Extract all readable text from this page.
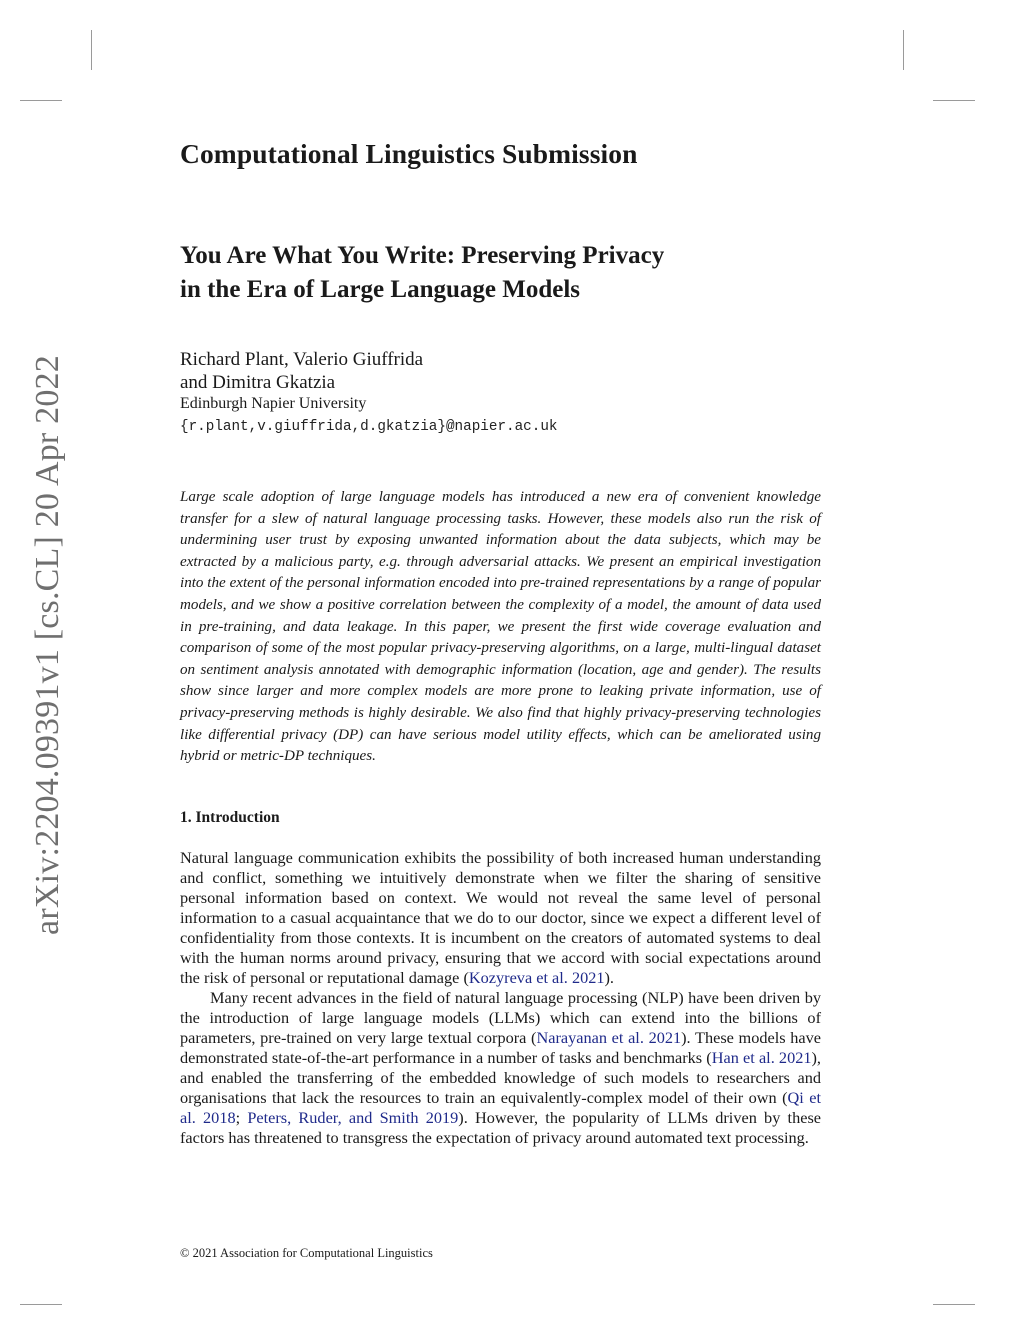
arXiv:2204.09391v1 [cs.CL] 20 Apr 2022
Computational Linguistics Submission
You Are What You Write: Preserving Privacy
in the Era of Large Language Models
Richard Plant, Valerio Giuffrida
and Dimitra Gkatzia
Edinburgh Napier University
{r.plant,v.giuffrida,d.gkatzia}@napier.ac.uk

Large scale adoption of large language models has introduced a new era of convenient knowledge transfer for a slew of natural language processing tasks. However, these models also run the risk of undermining user trust by exposing unwanted information about the data subjects, which may be extracted by a malicious party, e.g. through adversarial attacks. We present an empirical investigation into the extent of the personal information encoded into pre-trained representations by a range of popular models, and we show a positive correlation between the complexity of a model, the amount of data used in pre-training, and data leakage. In this paper, we present the first wide coverage evaluation and comparison of some of the most popular privacy-preserving algorithms, on a large, multi-lingual dataset on sentiment analysis annotated with demographic information (location, age and gender). The results show since larger and more complex models are more prone to leaking private information, use of privacy-preserving methods is highly desirable. We also find that highly privacy-preserving technologies like differential privacy (DP) can have serious model utility effects, which can be ameliorated using hybrid or metric-DP techniques.

1. Introduction

Natural language communication exhibits the possibility of both increased human understanding and conflict, something we intuitively demonstrate when we filter the sharing of sensitive personal information based on context. We would not reveal the same level of personal information to a casual acquaintance that we do to our doctor, since we expect a different level of confidentiality from those contexts. It is incumbent on the creators of automated systems to deal with the human norms around privacy, ensuring that we accord with social expectations around the risk of personal or reputational damage (Kozyreva et al. 2021).

Many recent advances in the field of natural language processing (NLP) have been driven by the introduction of large language models (LLMs) which can extend into the billions of parameters, pre-trained on very large textual corpora (Narayanan et al. 2021). These models have demonstrated state-of-the-art performance in a number of tasks and benchmarks (Han et al. 2021), and enabled the transferring of the embedded knowledge of such models to researchers and organisations that lack the resources to train an equivalently-complex model of their own (Qi et al. 2018; Peters, Ruder, and Smith 2019). However, the popularity of LLMs driven by these factors has threatened to transgress the expectation of privacy around automated text processing.

© 2021 Association for Computational Linguistics
